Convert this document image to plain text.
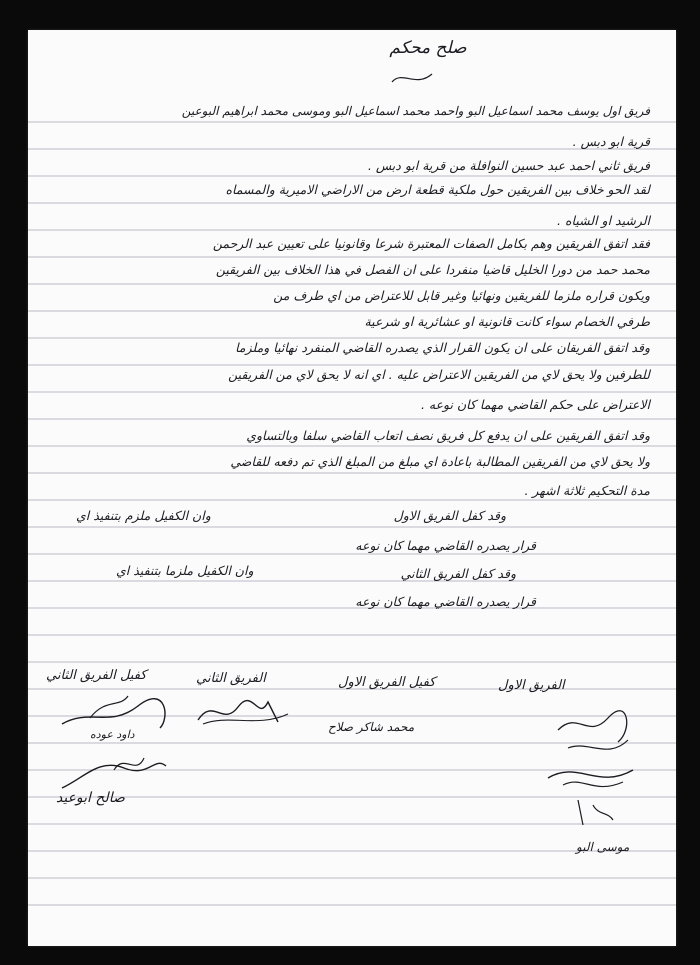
صلح محكم
فريق اول يوسف محمد اسماعيل البو واحمد محمد اسماعيل البو وموسى محمد ابراهيم البوعين
قرية ابو دبس .
فريق ثاني احمد عبد حسين النوافلة من قرية ابو دبس .
لقد الحو خلاف بين الفريقين حول ملكية قطعة ارض من الاراضي الاميرية والمسماه
الرشيد او الشياه .
فقد اتفق الفريقين وهم بكامل الصفات المعتبرة شرعا وقانونيا على تعيين عبد الرحمن
محمد حمد من دورا الخليل قاضيا منفردا على ان الفصل في هذا الخلاف بين الفريقين
ويكون قراره ملزما للفريقين ونهائيا وغير قابل للاعتراض من اي طرف من
طرفي الخصام سواء كانت قانونية او عشائرية او شرعية
وقد اتفق الفريقان على ان يكون القرار الذي يصدره القاضي المنفرد نهائيا وملزما
للطرفين ولا يحق لاي من الفريقين الاعتراض عليه . اي انه لا يحق لاي من الفريقين
الاعتراض على حكم القاضي مهما كان نوعه .
وقد اتفق الفريقين على ان يدفع كل فريق نصف اتعاب القاضي سلفا وبالتساوي
ولا يحق لاي من الفريقين المطالبة باعادة اي مبلغ من المبلغ الذي تم دفعه للقاضي
مدة التحكيم ثلاثة اشهر .
وقد كفل الفريق الاول
وان الكفيل ملزم بتنفيذ اي
قرار يصدره القاضي مهما كان نوعه
وقد كفل الفريق الثاني
وان الكفيل ملزما بتنفيذ اي
قرار يصدره القاضي مهما كان نوعه
الفريق الاول
كفيل الفريق الاول
الفريق الثاني
كفيل الفريق الثاني
محمد شاكر صلاح
داود عوده
صالح ابوعيد
موسى البو
